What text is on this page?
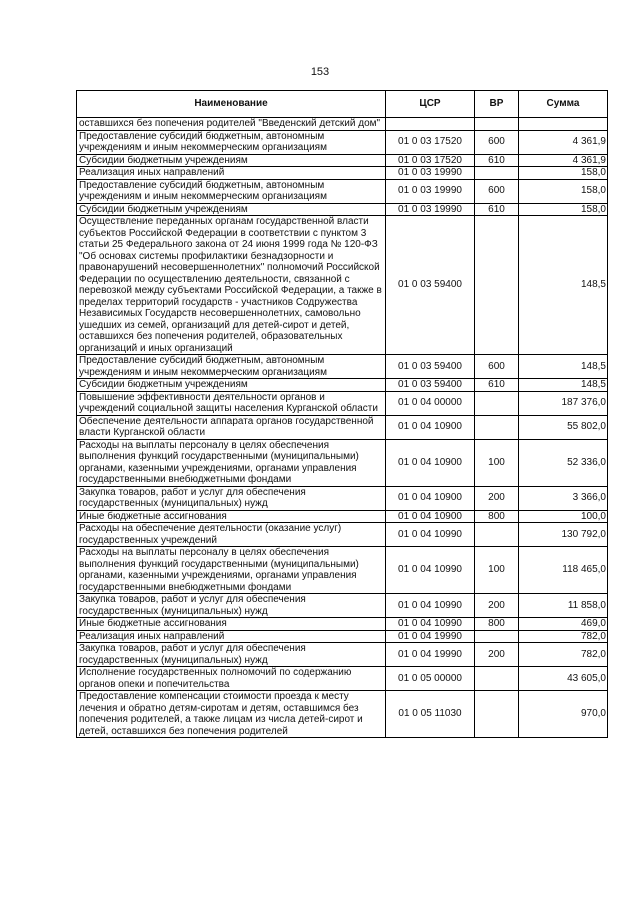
153
Наименование	ЦСР	ВР	Сумма
оставшихся без попечения родителей "Введенский детский дом"			
Предоставление субсидий бюджетным, автономным учреждениям и иным некоммерческим организациям	01 0 03 17520	600	4 361,9
Субсидии бюджетным учреждениям	01 0 03 17520	610	4 361,9
Реализация иных направлений	01 0 03 19990		158,0
Предоставление субсидий бюджетным, автономным учреждениям и иным некоммерческим организациям	01 0 03 19990	600	158,0
Субсидии бюджетным учреждениям	01 0 03 19990	610	158,0
Осуществление переданных органам государственной власти субъектов Российской Федерации в соответствии с пунктом 3 статьи 25 Федерального закона от 24 июня 1999 года № 120-ФЗ "Об основах системы профилактики безнадзорности и правонарушений несовершеннолетних" полномочий Российской Федерации по осуществлению деятельности, связанной с перевозкой между субъектами Российской Федерации, а также в пределах территорий государств - участников Содружества Независимых Государств несовершеннолетних, самовольно ушедших из семей, организаций для детей-сирот и детей, оставшихся без попечения родителей, образовательных организаций и иных организаций	01 0 03 59400		148,5
Предоставление субсидий бюджетным, автономным учреждениям и иным некоммерческим организациям	01 0 03 59400	600	148,5
Субсидии бюджетным учреждениям	01 0 03 59400	610	148,5
Повышение эффективности деятельности органов и учреждений социальной защиты населения Курганской области	01 0 04 00000		187 376,0
Обеспечение деятельности аппарата органов государственной власти Курганской области	01 0 04 10900		55 802,0
Расходы на выплаты персоналу в целях обеспечения выполнения функций государственными (муниципальными) органами, казенными учреждениями, органами управления государственными внебюджетными фондами	01 0 04 10900	100	52 336,0
Закупка товаров, работ и услуг для обеспечения государственных (муниципальных) нужд	01 0 04 10900	200	3 366,0
Иные бюджетные ассигнования	01 0 04 10900	800	100,0
Расходы на обеспечение деятельности (оказание услуг) государственных учреждений	01 0 04 10990		130 792,0
Расходы на выплаты персоналу в целях обеспечения выполнения функций государственными (муниципальными) органами, казенными учреждениями, органами управления государственными внебюджетными фондами	01 0 04 10990	100	118 465,0
Закупка товаров, работ и услуг для обеспечения государственных (муниципальных) нужд	01 0 04 10990	200	11 858,0
Иные бюджетные ассигнования	01 0 04 10990	800	469,0
Реализация иных направлений	01 0 04 19990		782,0
Закупка товаров, работ и услуг для обеспечения государственных (муниципальных) нужд	01 0 04 19990	200	782,0
Исполнение государственных полномочий по содержанию органов опеки и попечительства	01 0 05 00000		43 605,0
Предоставление компенсации стоимости проезда к месту лечения и обратно детям-сиротам и детям, оставшимся без попечения родителей, а также лицам из числа детей-сирот и детей, оставшихся без попечения родителей	01 0 05 11030		970,0
